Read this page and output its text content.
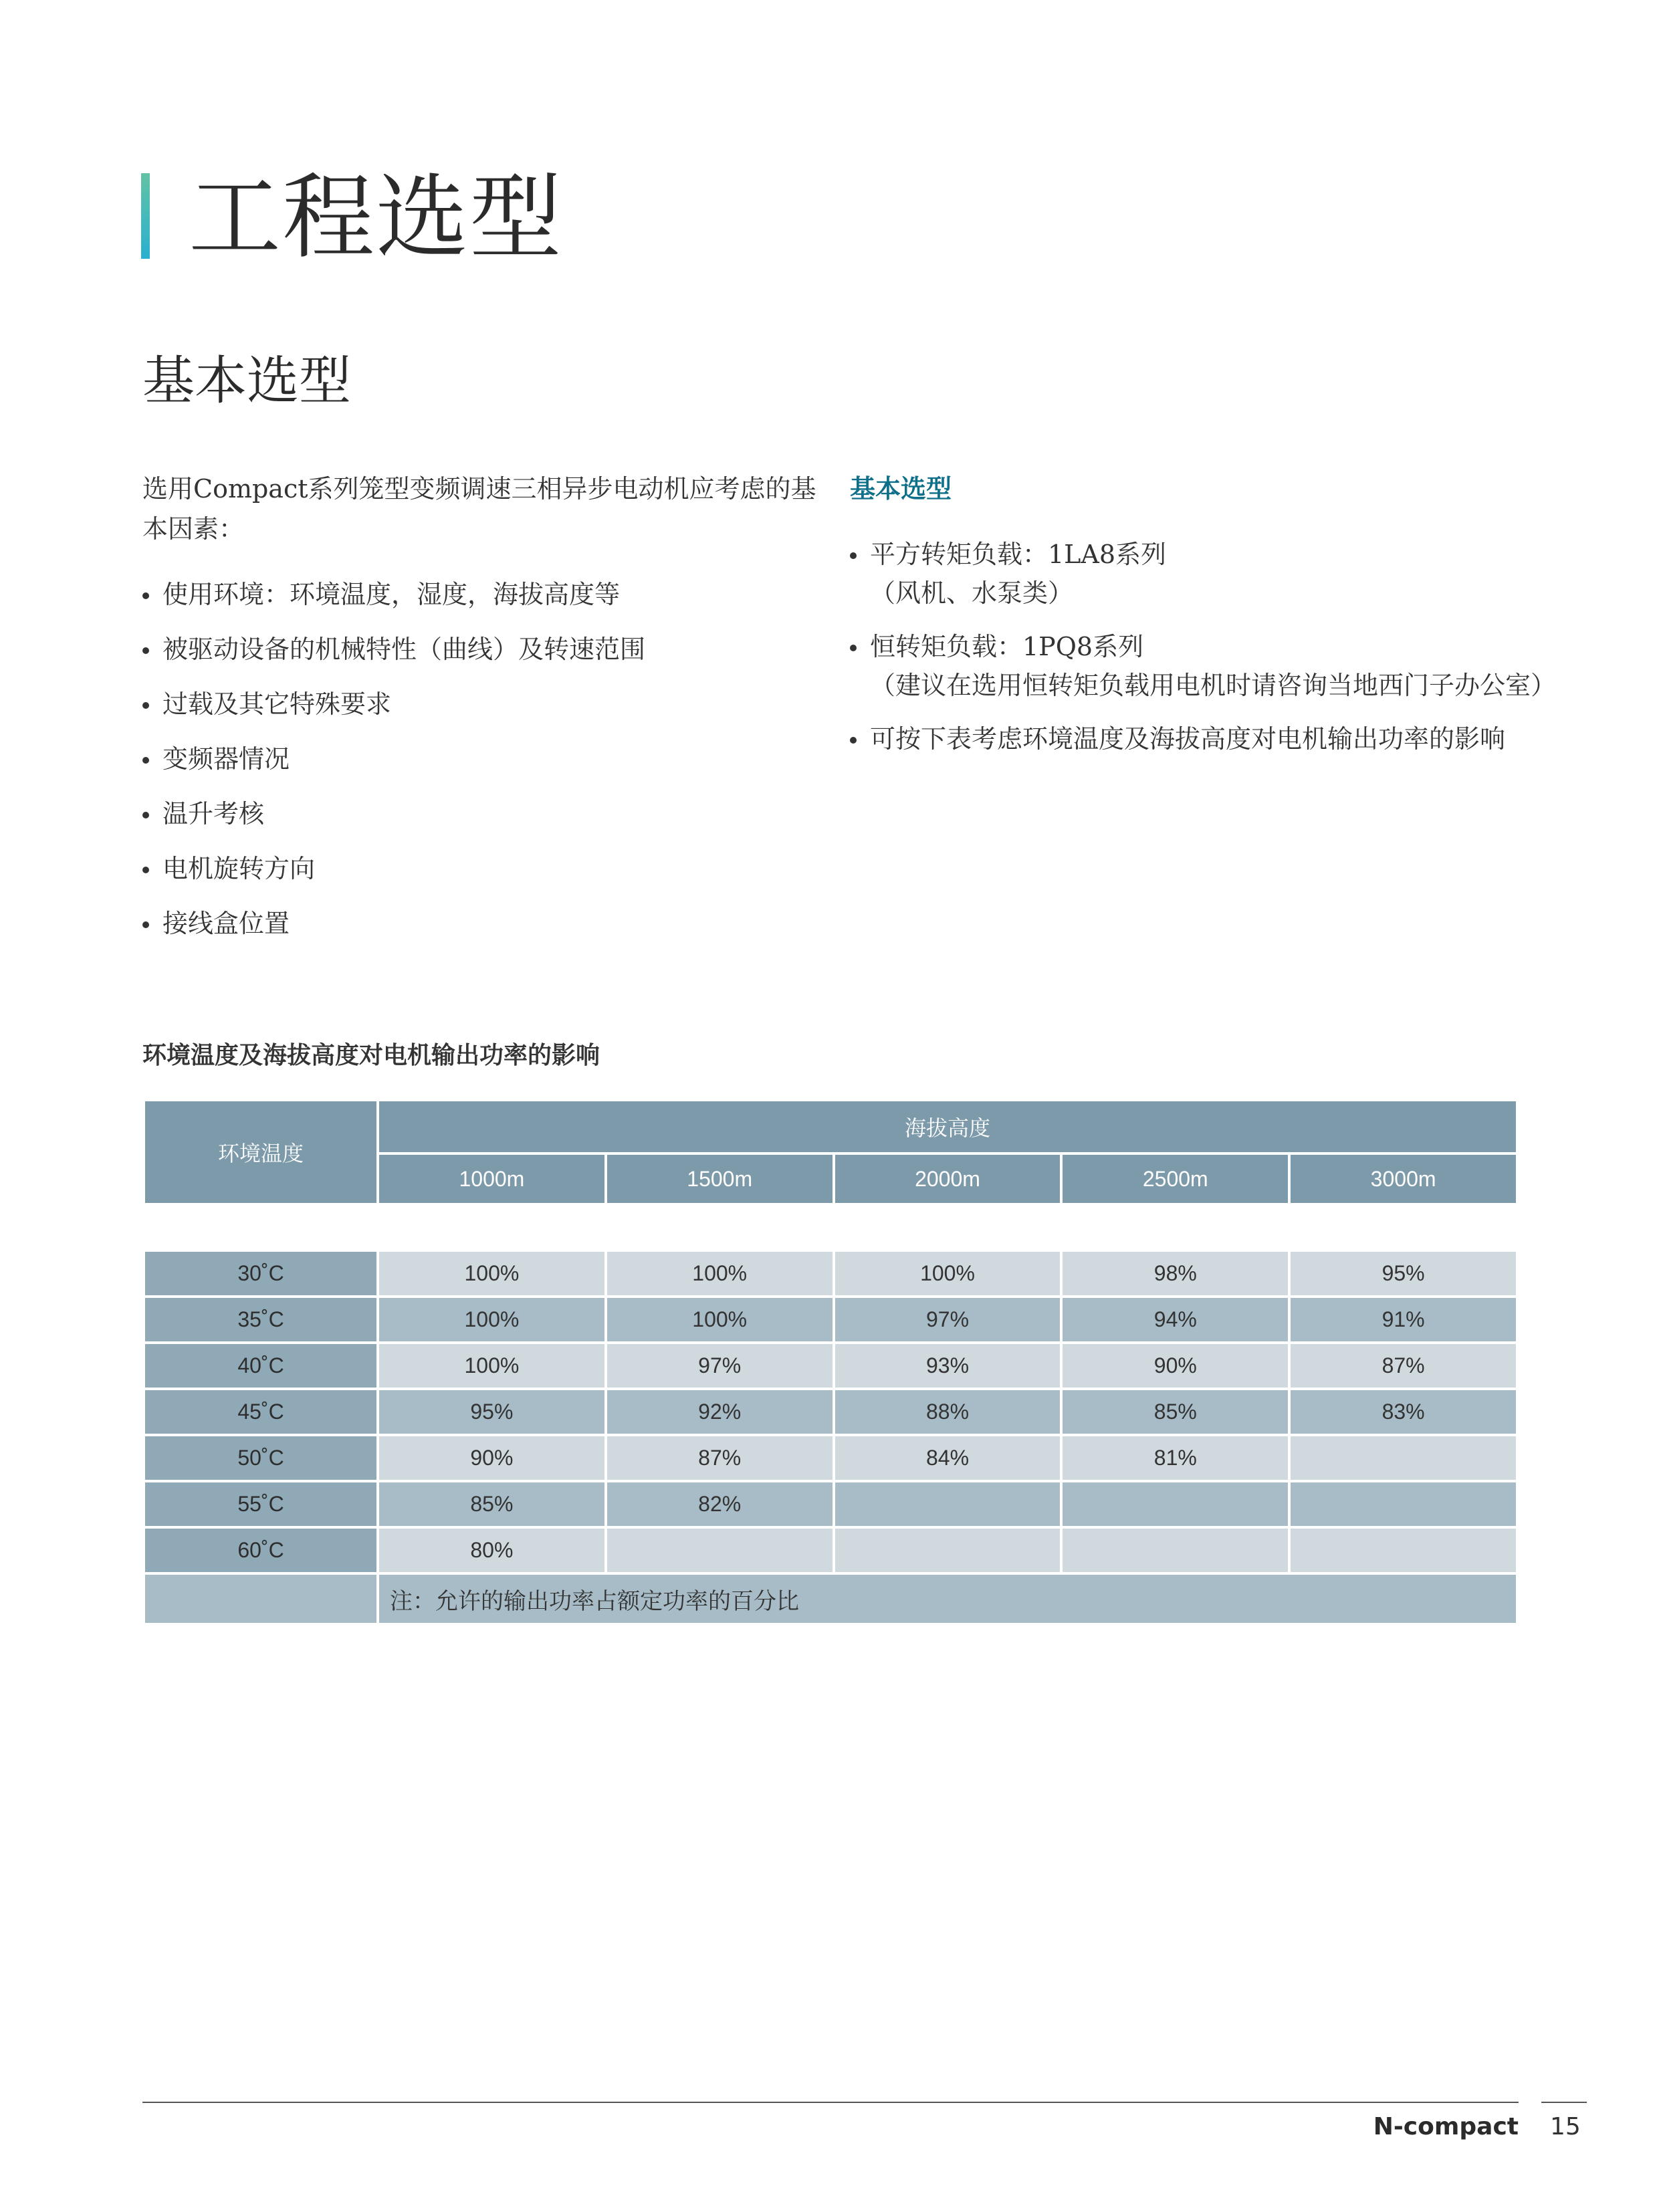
工程选型
基本选型
选用Compact系列笼型变频调速三相异步电动机应考虑的基本因素：
使用环境：环境温度，湿度，海拔高度等
被驱动设备的机械特性（曲线）及转速范围
过载及其它特殊要求
变频器情况
温升考核
电机旋转方向
接线盒位置
基本选型
平方转矩负载：1LA8系列
（风机、水泵类）
恒转矩负载：1PQ8系列
（建议在选用恒转矩负载用电机时请咨询当地西门子办公室）
可按下表考虑环境温度及海拔高度对电机输出功率的影响
环境温度及海拔高度对电机输出功率的影响
环境温度	海拔高度				
	1000m	1500m	2000m	2500m	3000m

30˚C	100%	100%	100%	98%	95%
35˚C	100%	100%	97%	94%	91%
40˚C	100%	97%	93%	90%	87%
45˚C	95%	92%	88%	85%	83%
50˚C	90%	87%	84%	81%	
55˚C	85%	82%			
60˚C	80%				
	注：允许的输出功率占额定功率的百分比				
N-compact 15
